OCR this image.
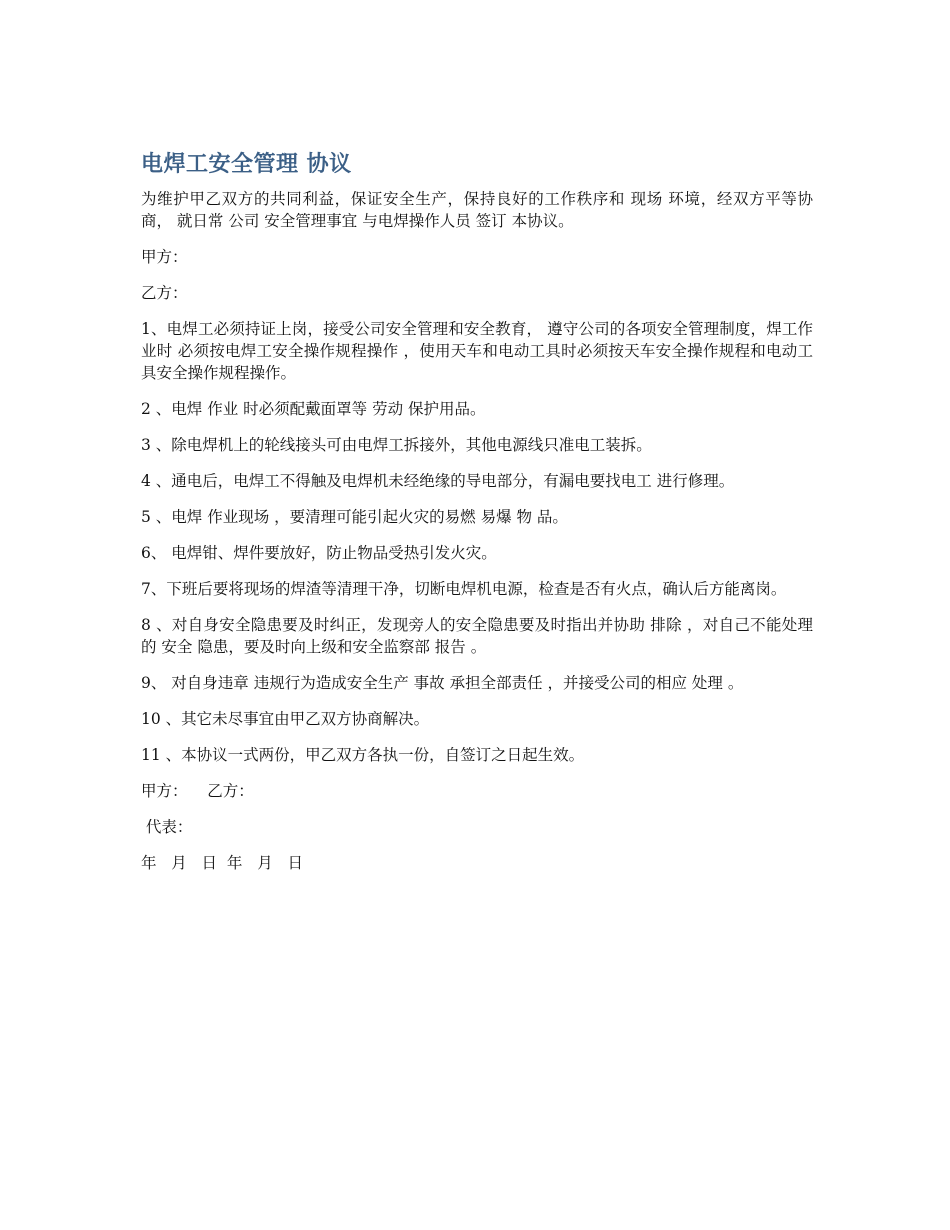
电焊工安全管理 协议

为维护甲乙双方的共同利益，保证安全生产，保持良好的工作秩序和 现场 环境，经双方平等协商， 就日常 公司 安全管理事宜 与电焊操作人员 签订 本协议。

甲方：

乙方：

1、电焊工必须持证上岗，接受公司安全管理和安全教育， 遵守公司的各项安全管理制度，焊工作业时 必须按电焊工安全操作规程操作 ，使用天车和电动工具时必须按天车安全操作规程和电动工具安全操作规程操作。

2 、电焊 作业 时必须配戴面罩等 劳动 保护用品。

3 、除电焊机上的轮线接头可由电焊工拆接外，其他电源线只准电工装拆。

4 、通电后，电焊工不得触及电焊机未经绝缘的导电部分，有漏电要找电工 进行修理。

5 、电焊 作业现场 ，要清理可能引起火灾的易燃 易爆 物 品。

6、 电焊钳、焊件要放好，防止物品受热引发火灾。

7、下班后要将现场的焊渣等清理干净，切断电焊机电源，检查是否有火点，确认后方能离岗。

8 、对自身安全隐患要及时纠正，发现旁人的安全隐患要及时指出并协助 排除 ，对自己不能处理的 安全 隐患，要及时向上级和安全监察部 报告 。

9、 对自身违章 违规行为造成安全生产 事故 承担全部责任 ，并接受公司的相应 处理 。

10 、其它未尽事宜由甲乙双方协商解决。

11 、本协议一式两份，甲乙双方各执一份，自签订之日起生效。

甲方：    乙方：

代表：

年   月   日  年   月   日
